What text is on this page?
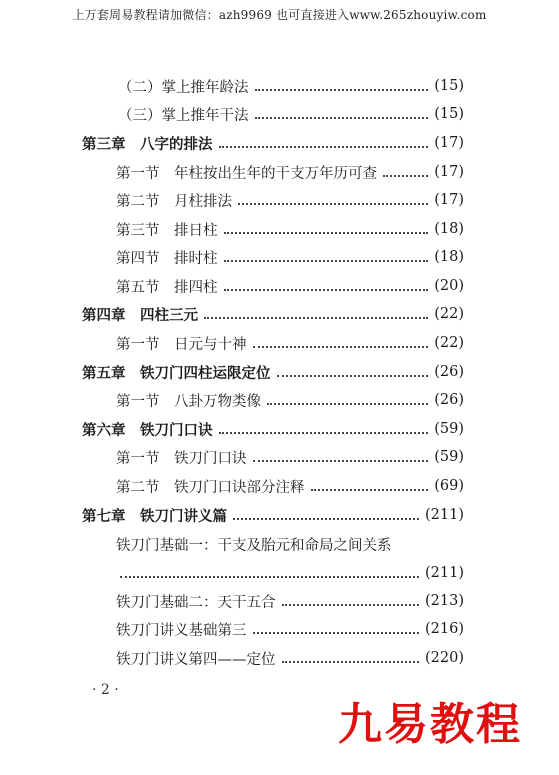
上万套周易教程请加微信：azh9969 也可直接进入www.265zhouyiw.com
（二）掌上推年龄法	(15)
（三）掌上推年干法	(15)
第三章　八字的排法	(17)
第一节　年柱按出生年的干支万年历可查	(17)
第二节　月柱排法	(17)
第三节　排日柱	(18)
第四节　排时柱	(18)
第五节　排四柱	(20)
第四章　四柱三元	(22)
第一节　日元与十神	(22)
第五章　铁刀门四柱运限定位	(26)
第一节　八卦万物类像	(26)
第六章　铁刀门口诀	(59)
第一节　铁刀门口诀	(59)
第二节　铁刀门口诀部分注释	(69)
第七章　铁刀门讲义篇	(211)
铁刀门基础一：干支及胎元和命局之间关系
(211)
铁刀门基础二：天干五合	(213)
铁刀门讲义基础第三	(216)
铁刀门讲义第四——定位	(220)
· 2 ·
九易教程
